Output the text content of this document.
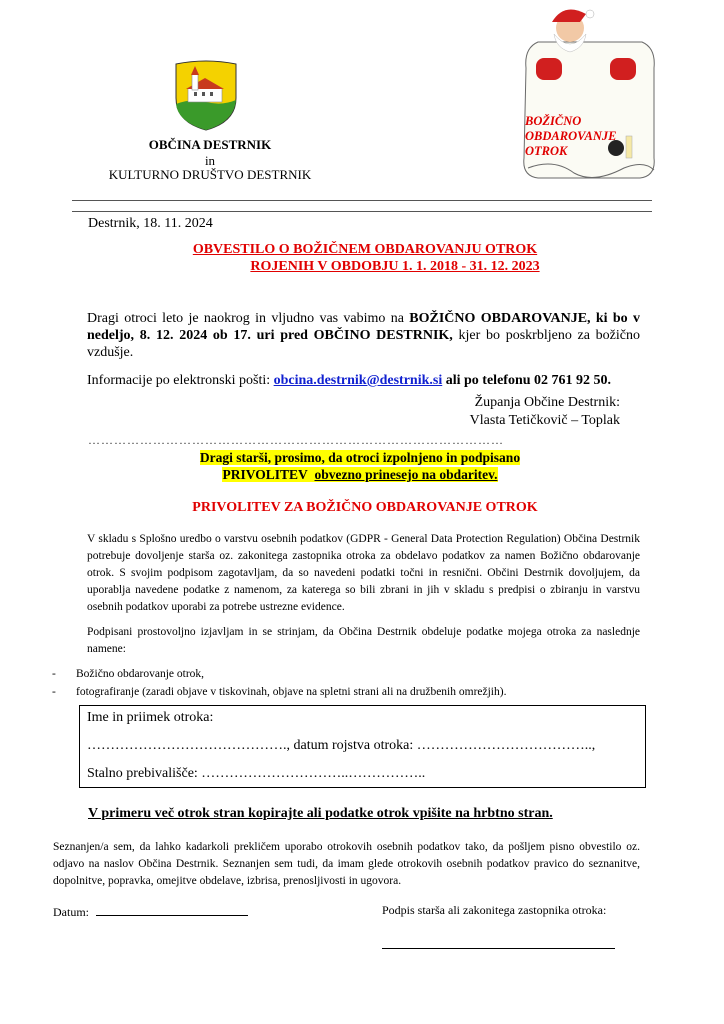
OBČINA DESTRNIK
in
KULTURNO DRUŠTVO DESTRNIK
BOŽIČNO
OBDAROVANJE
OTROK
Destrnik, 18. 11. 2024
OBVESTILO O BOŽIČNEM OBDAROVANJU OTROK
ROJENIH V OBDOBJU 1. 1. 2018 - 31. 12. 2023
Dragi otroci leto je naokrog in vljudno vas vabimo na BOŽIČNO OBDAROVANJE, ki bo v nedeljo, 8. 12. 2024 ob 17. uri pred OBČINO DESTRNIK, kjer bo poskrbljeno za božično vzdušje.
Informacije po elektronski pošti: obcina.destrnik@destrnik.si ali po telefonu 02 761 92 50.
Županja Občine Destrnik:
Vlasta Tetičkovič – Toplak
……………………………………………………………………………………
Dragi starši, prosimo, da otroci izpolnjeno in podpisano
PRIVOLITEV obvezno prinesejo na obdaritev.
PRIVOLITEV ZA BOŽIČNO OBDAROVANJE OTROK
V skladu s Splošno uredbo o varstvu osebnih podatkov (GDPR - General Data Protection Regulation) Občina Destrnik potrebuje dovoljenje starša oz. zakonitega zastopnika otroka za obdelavo podatkov za namen Božično obdarovanje otrok. S svojim podpisom zagotavljam, da so navedeni podatki točni in resnični. Občini Destrnik dovoljujem, da uporablja navedene podatke z namenom, za katerega so bili zbrani in jih v skladu s predpisi o zbiranju in varstvu osebnih podatkov uporabi za potrebe ustrezne evidence.
Podpisani prostovoljno izjavljam in se strinjam, da Občina Destrnik obdeluje podatke mojega otroka za naslednje namene:
- Božično obdarovanje otrok,
- fotografiranje (zaradi objave v tiskovinah, objave na spletni strani ali na družbenih omrežjih).
Ime in priimek otroka:
……………………………………., datum rojstva otroka: ………………………………..,
Stalno prebivališče: …………………………..……………..
V primeru več otrok stran kopirajte ali podatke otrok vpišite na hrbtno stran.
Seznanjen/a sem, da lahko kadarkoli prekličem uporabo otrokovih osebnih podatkov tako, da pošljem pisno obvestilo oz. odjavo na naslov Občina Destrnik. Seznanjen sem tudi, da imam glede otrokovih osebnih podatkov pravico do seznanitve, dopolnitve, popravka, omejitve obdelave, izbrisa, prenosljivosti in ugovora.
Datum:	Podpis starša ali zakonitega zastopnika otroka:
